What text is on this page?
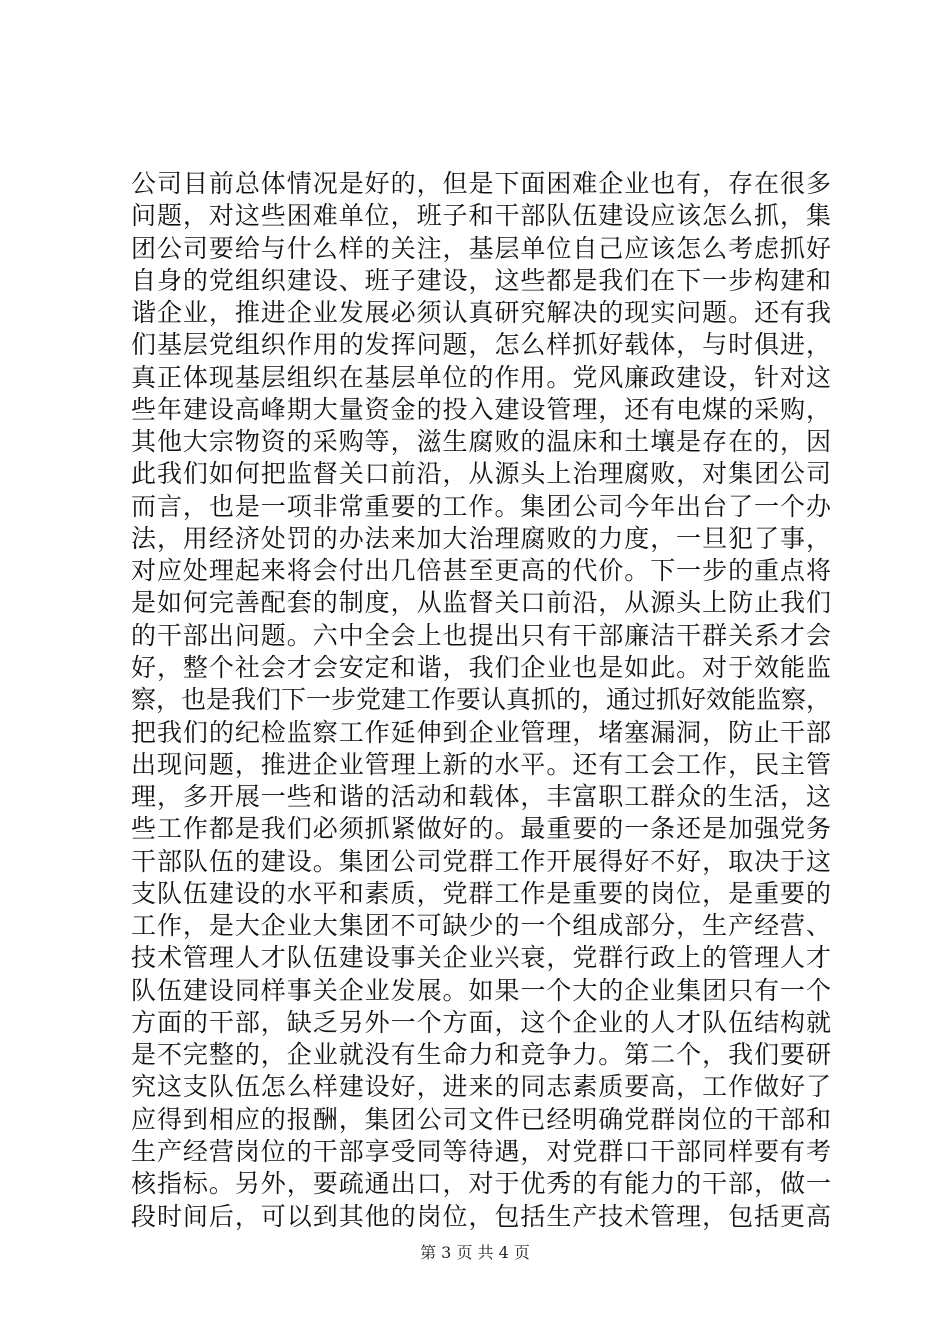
公司目前总体情况是好的，但是下面困难企业也有，存在很多
问题，对这些困难单位，班子和干部队伍建设应该怎么抓，集
团公司要给与什么样的关注，基层单位自己应该怎么考虑抓好
自身的党组织建设、班子建设，这些都是我们在下一步构建和
谐企业，推进企业发展必须认真研究解决的现实问题。还有我
们基层党组织作用的发挥问题，怎么样抓好载体，与时俱进，
真正体现基层组织在基层单位的作用。党风廉政建设，针对这
些年建设高峰期大量资金的投入建设管理，还有电煤的采购，
其他大宗物资的采购等，滋生腐败的温床和土壤是存在的，因
此我们如何把监督关口前沿，从源头上治理腐败，对集团公司
而言，也是一项非常重要的工作。集团公司今年出台了一个办
法，用经济处罚的办法来加大治理腐败的力度，一旦犯了事，
对应处理起来将会付出几倍甚至更高的代价。下一步的重点将
是如何完善配套的制度，从监督关口前沿，从源头上防止我们
的干部出问题。六中全会上也提出只有干部廉洁干群关系才会
好，整个社会才会安定和谐，我们企业也是如此。对于效能监
察，也是我们下一步党建工作要认真抓的，通过抓好效能监察，
把我们的纪检监察工作延伸到企业管理，堵塞漏洞，防止干部
出现问题，推进企业管理上新的水平。还有工会工作，民主管
理，多开展一些和谐的活动和载体，丰富职工群众的生活，这
些工作都是我们必须抓紧做好的。最重要的一条还是加强党务
干部队伍的建设。集团公司党群工作开展得好不好，取决于这
支队伍建设的水平和素质，党群工作是重要的岗位，是重要的
工作，是大企业大集团不可缺少的一个组成部分，生产经营、
技术管理人才队伍建设事关企业兴衰，党群行政上的管理人才
队伍建设同样事关企业发展。如果一个大的企业集团只有一个
方面的干部，缺乏另外一个方面，这个企业的人才队伍结构就
是不完整的，企业就没有生命力和竞争力。第二个，我们要研
究这支队伍怎么样建设好，进来的同志素质要高，工作做好了
应得到相应的报酬，集团公司文件已经明确党群岗位的干部和
生产经营岗位的干部享受同等待遇，对党群口干部同样要有考
核指标。另外，要疏通出口，对于优秀的有能力的干部，做一
段时间后，可以到其他的岗位，包括生产技术管理，包括更高
第 3 页 共 4 页
